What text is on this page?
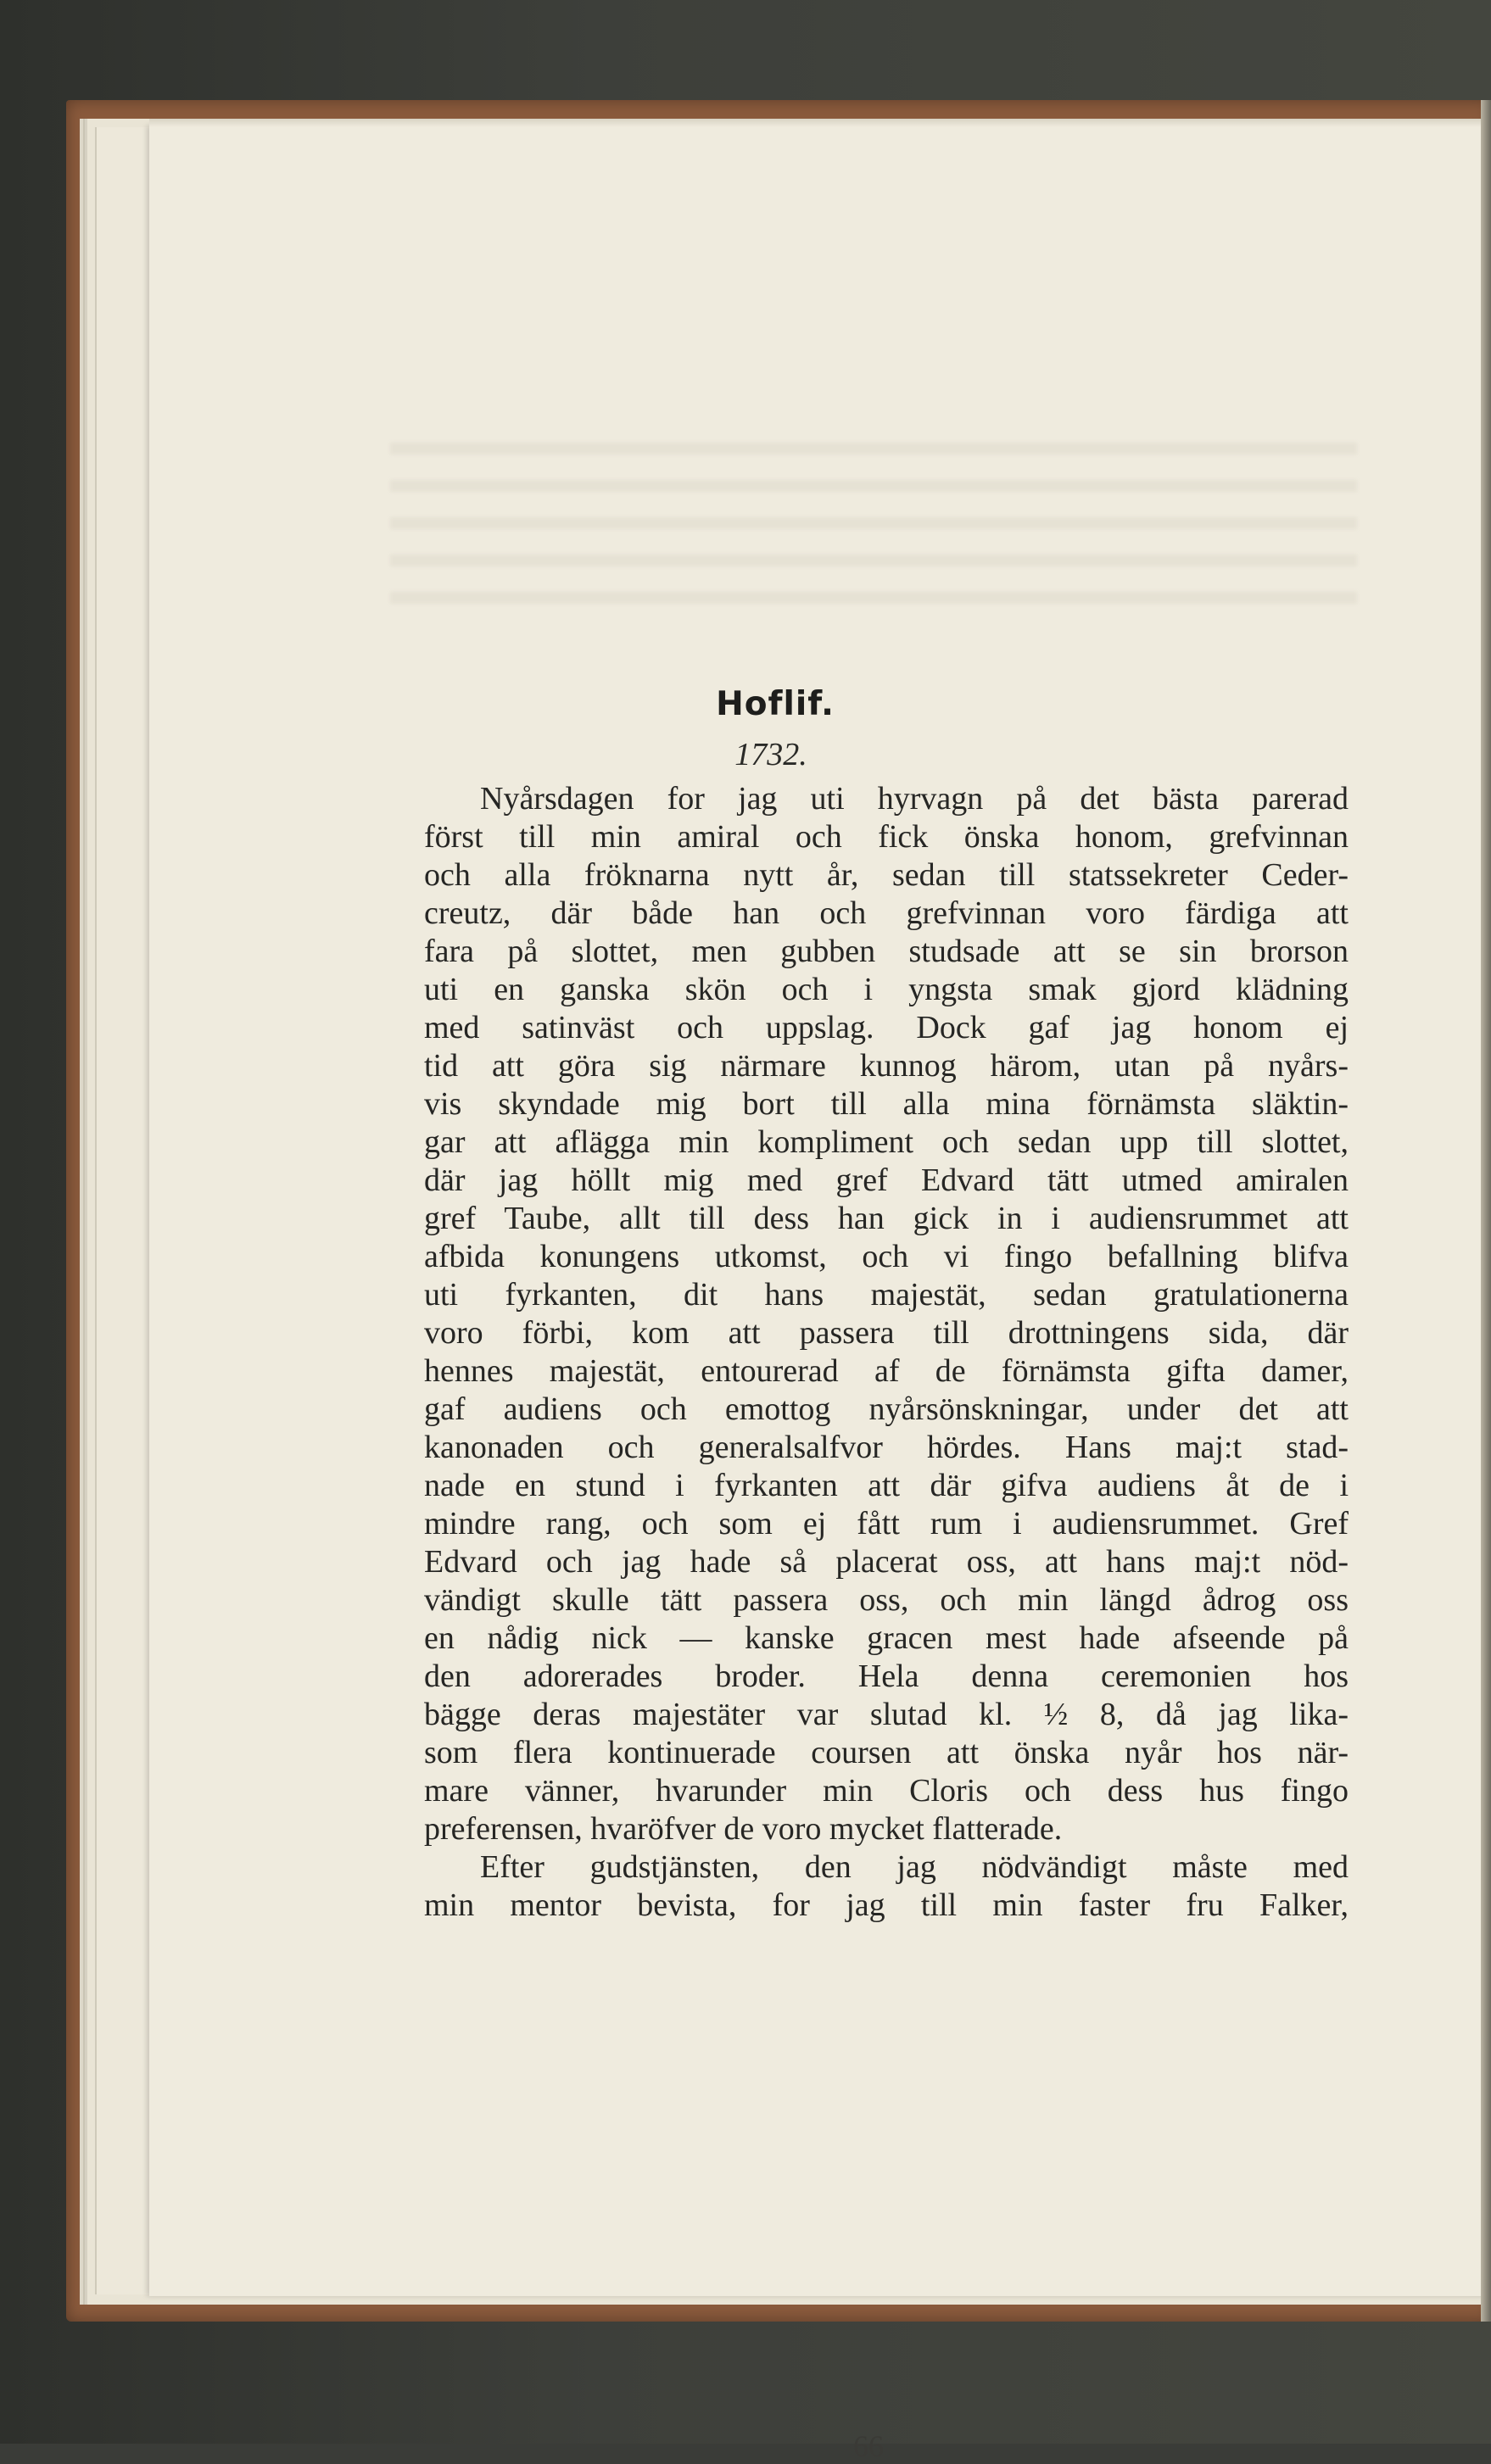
Hoflif.
1732.
Nyårsdagen for jag uti hyrvagn på det bästa parerad
först till min amiral och fick önska honom, grefvinnan
och alla fröknarna nytt år, sedan till statssekreter Ceder-
creutz, där både han och grefvinnan voro färdiga att
fara på slottet, men gubben studsade att se sin brorson
uti en ganska skön och i yngsta smak gjord klädning
med satinväst och uppslag. Dock gaf jag honom ej
tid att göra sig närmare kunnog härom, utan på nyårs-
vis skyndade mig bort till alla mina förnämsta släktin-
gar att aflägga min kompliment och sedan upp till slottet,
där jag höllt mig med gref Edvard tätt utmed amiralen
gref Taube, allt till dess han gick in i audiensrummet att
afbida konungens utkomst, och vi fingo befallning blifva
uti fyrkanten, dit hans majestät, sedan gratulationerna
voro förbi, kom att passera till drottningens sida, där
hennes majestät, entourerad af de förnämsta gifta damer,
gaf audiens och emottog nyårsönskningar, under det att
kanonaden och generalsalfvor hördes. Hans maj:t stad-
nade en stund i fyrkanten att där gifva audiens åt de i
mindre rang, och som ej fått rum i audiensrummet. Gref
Edvard och jag hade så placerat oss, att hans maj:t nöd-
vändigt skulle tätt passera oss, och min längd ådrog oss
en nådig nick — kanske gracen mest hade afseende på
den adorerades broder. Hela denna ceremonien hos
bägge deras majestäter var slutad kl. ½ 8, då jag lika-
som flera kontinuerade coursen att önska nyår hos när-
mare vänner, hvarunder min Cloris och dess hus fingo
preferensen, hvaröfver de voro mycket flatterade.
Efter gudstjänsten, den jag nödvändigt måste med
min mentor bevista, for jag till min faster fru Falker,
66
